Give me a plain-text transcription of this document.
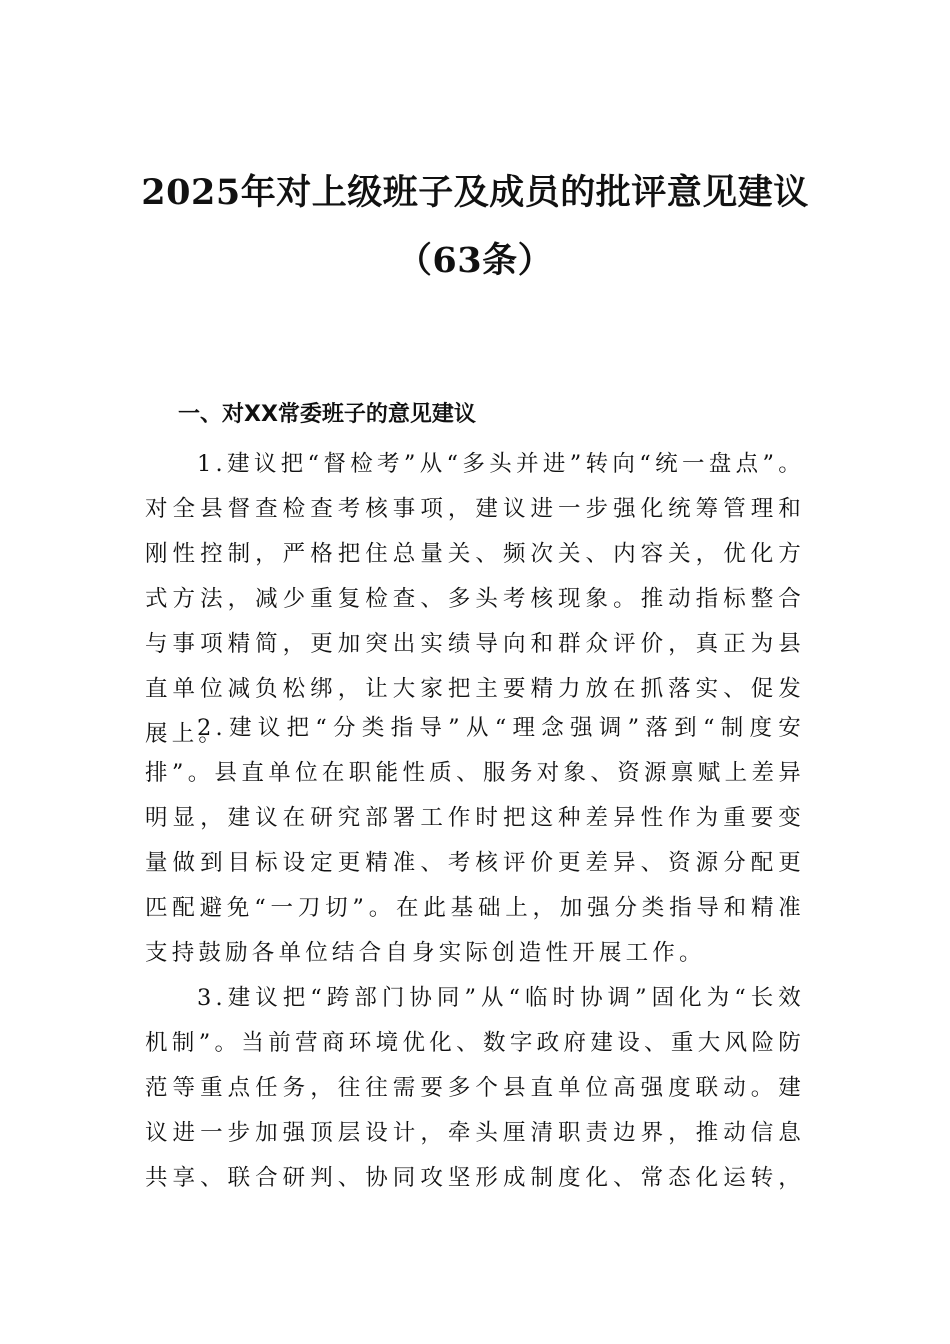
2025年对上级班子及成员的批评意见建议
（63条）
一、对XX常委班子的意见建议

1.建议把“督检考”从“多头并进”转向“统一盘点”。对全县督查检查考核事项，建议进一步强化统筹管理和刚性控制，严格把住总量关、频次关、内容关，优化方式方法，减少重复检查、多头考核现象。推动指标整合与事项精简，更加突出实绩导向和群众评价，真正为县直单位减负松绑，让大家把主要精力放在抓落实、促发展上。

2.建议把“分类指导”从“理念强调”落到“制度安排”。县直单位在职能性质、服务对象、资源禀赋上差异明显，建议在研究部署工作时把这种差异性作为重要变量做到目标设定更精准、考核评价更差异、资源分配更匹配避免“一刀切”。在此基础上，加强分类指导和精准支持鼓励各单位结合自身实际创造性开展工作。

3.建议把“跨部门协同”从“临时协调”固化为“长效机制”。当前营商环境优化、数字政府建设、重大风险防范等重点任务，往往需要多个县直单位高强度联动。建议进一步加强顶层设计，牵头厘清职责边界，推动信息共享、联合研判、协同攻坚形成制度化、常态化运转，
